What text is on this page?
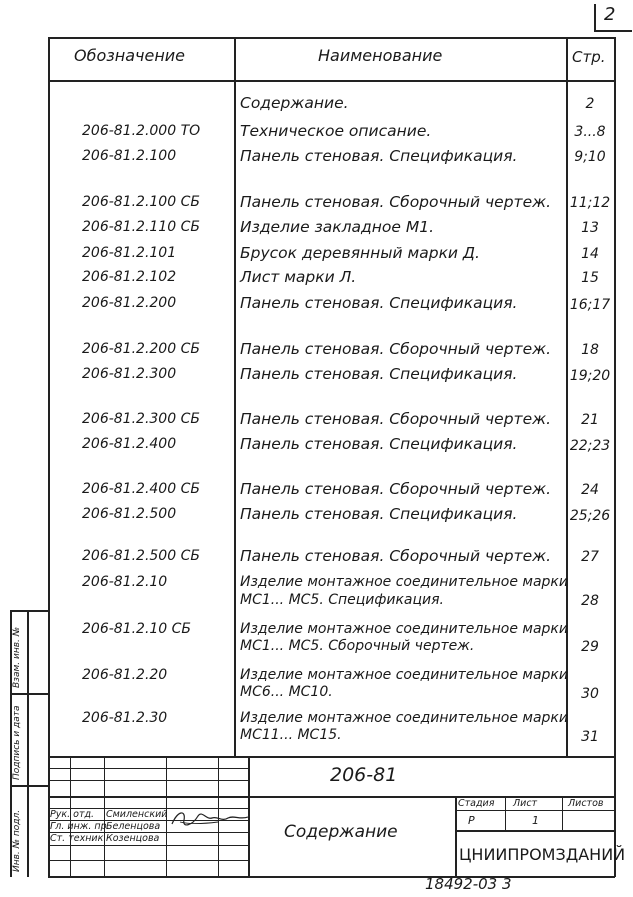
2
Обозначение	Наименование	Стр.
Содержание.	2
206-81.2.000 ТО	Техническое описание.	3...8
206-81.2.100	Панель стеновая. Спецификация.	9;10
206-81.2.100 СБ	Панель стеновая. Сборочный чертеж. 11;12
206-81.2.110 СБ	Изделие закладное М1.	13
206-81.2.101	Брусок деревянный марки Д.	14
206-81.2.102	Лист марки Л.	15
206-81.2.200	Панель стеновая. Спецификация.	16;17
206-81.2.200 СБ	Панель стеновая. Сборочный чертеж.	18
206-81.2.300	Панель стеновая. Спецификация.	19;20
206-81.2.300 СБ	Панель стеновая. Сборочный чертеж.	21
206-81.2.400	Панель стеновая. Спецификация.	22;23
206-81.2.400 СБ	Панель стеновая. Сборочный чертеж.	24
206-81.2.500	Панель стеновая. Спецификация.	25;26
206-81.2.500 СБ	Панель стеновая. Сборочный чертеж.	27
206-81.2.10	Изделие монтажное соединительное марки
МС1... МС5. Спецификация.	28
206-81.2.10 СБ	Изделие монтажное соединительное марки
МС1... МС5. Сборочный чертеж.	29
206-81.2.20	Изделие монтажное соединительное марки
МС6... МС10.	30
206-81.2.30	Изделие монтажное соединительное марки
МС11... МС15.	31
Взам. инв. №
Подпись и дата
Инв. № подл.
206-81
Содержание
Стадия Лист	Листов
Р	1
ЦНИИПРОМЗДАНИЙ
Рук. отд. Смиленский
Гл. инж. пр.
Беленцова
Ст. техник Козенцова
18492-03 3
